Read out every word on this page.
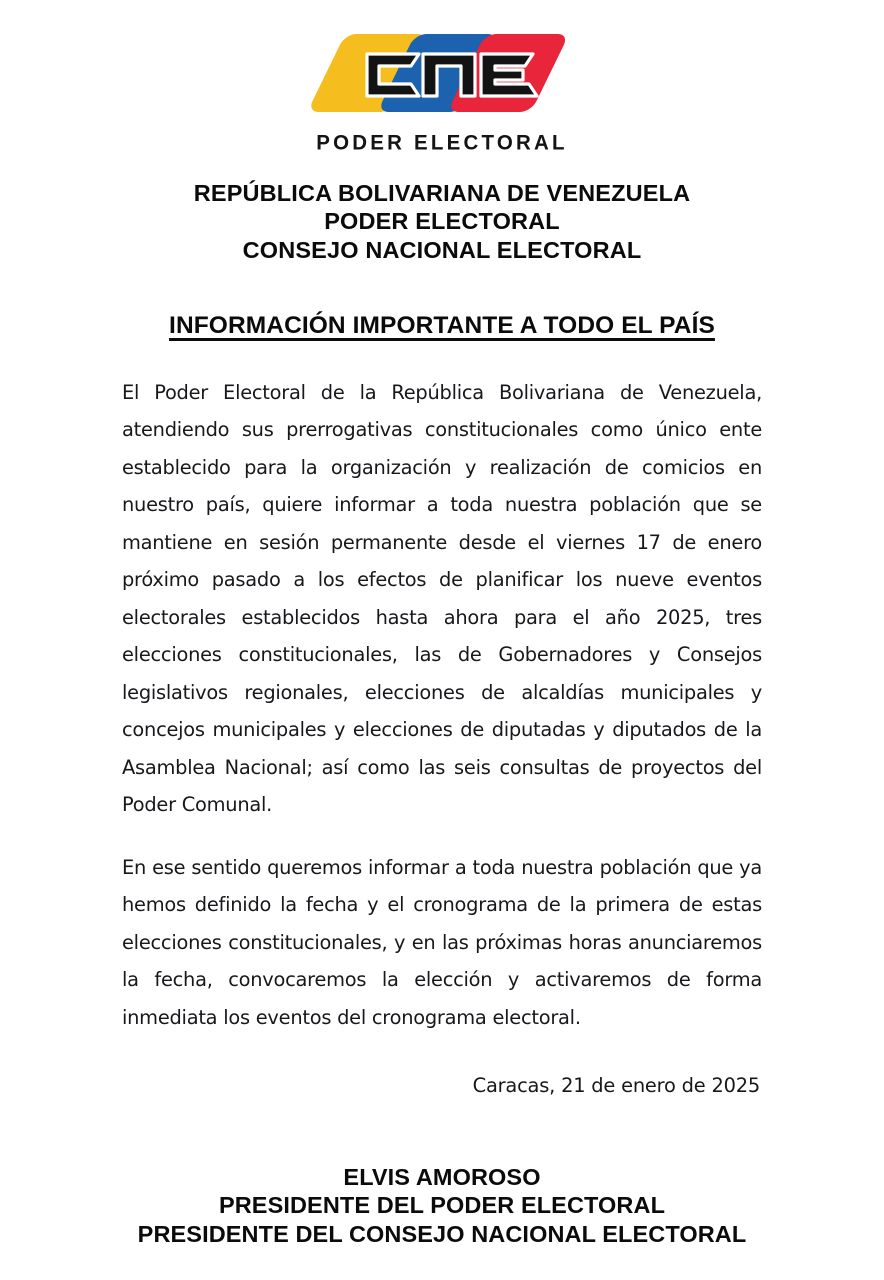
PODER ELECTORAL
REPÚBLICA BOLIVARIANA DE VENEZUELA
PODER ELECTORAL
CONSEJO NACIONAL ELECTORAL
INFORMACIÓN IMPORTANTE A TODO EL PAÍS

El Poder Electoral de la República Bolivariana de Venezuela, atendiendo sus prerrogativas constitucionales como único ente establecido para la organización y realización de comicios en nuestro país, quiere informar a toda nuestra población que se mantiene en sesión permanente desde el viernes 17 de enero próximo pasado a los efectos de planificar los nueve eventos electorales establecidos hasta ahora para el año 2025, tres elecciones constitucionales, las de Gobernadores y Consejos legislativos regionales, elecciones de alcaldías municipales y concejos municipales y elecciones de diputadas y diputados de la Asamblea Nacional; así como las seis consultas de proyectos del Poder Comunal.

En ese sentido queremos informar a toda nuestra población que ya hemos definido la fecha y el cronograma de la primera de estas elecciones constitucionales, y en las próximas horas anunciaremos la fecha, convocaremos la elección y activaremos de forma inmediata los eventos del cronograma electoral.

Caracas, 21 de enero de 2025
ELVIS AMOROSO
PRESIDENTE DEL PODER ELECTORAL
PRESIDENTE DEL CONSEJO NACIONAL ELECTORAL
